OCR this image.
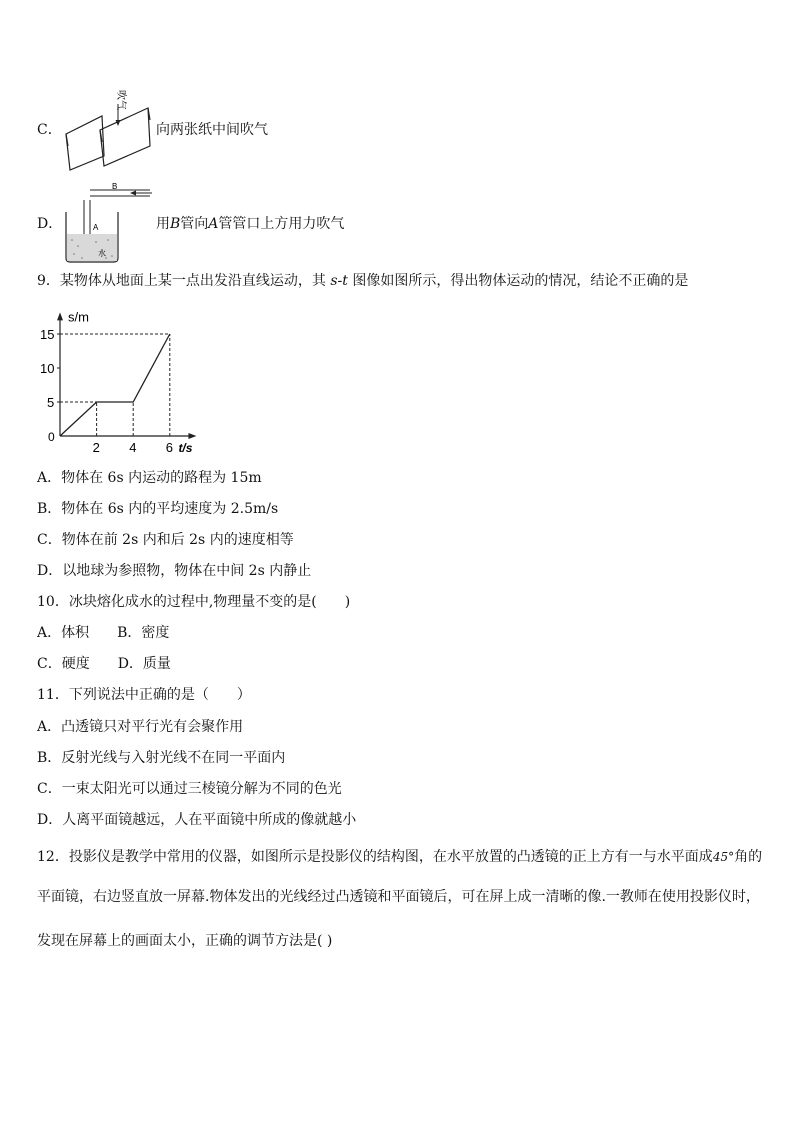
C．
吹气
向两张纸中间吹气
D．
B
A
水
用B管向A管管口上方用力吹气
9．某物体从地面上某一点出发沿直线运动，其 s-t 图像如图所示，得出物体运动的情况，结论不正确的是
s/m
t/s
0
2 4 6
5
10
15
A．物体在 6s 内运动的路程为 15m
B．物体在 6s 内的平均速度为 2.5m/s
C．物体在前 2s 内和后 2s 内的速度相等
D．以地球为参照物，物体在中间 2s 内静止
10．冰块熔化成水的过程中,物理量不变的是(　　)
A．体积　　B．密度
C．硬度　　D．质量
11．下列说法中正确的是（　　）
A．凸透镜只对平行光有会聚作用
B．反射光线与入射光线不在同一平面内
C．一束太阳光可以通过三棱镜分解为不同的色光
D．人离平面镜越远，人在平面镜中所成的像就越小
12．投影仪是教学中常用的仪器，如图所示是投影仪的结构图，在水平放置的凸透镜的正上方有一与水平面成45°角的
平面镜，右边竖直放一屏幕.物体发出的光线经过凸透镜和平面镜后，可在屏上成一清晰的像.一教师在使用投影仪时，
发现在屏幕上的画面太小，正确的调节方法是( )
